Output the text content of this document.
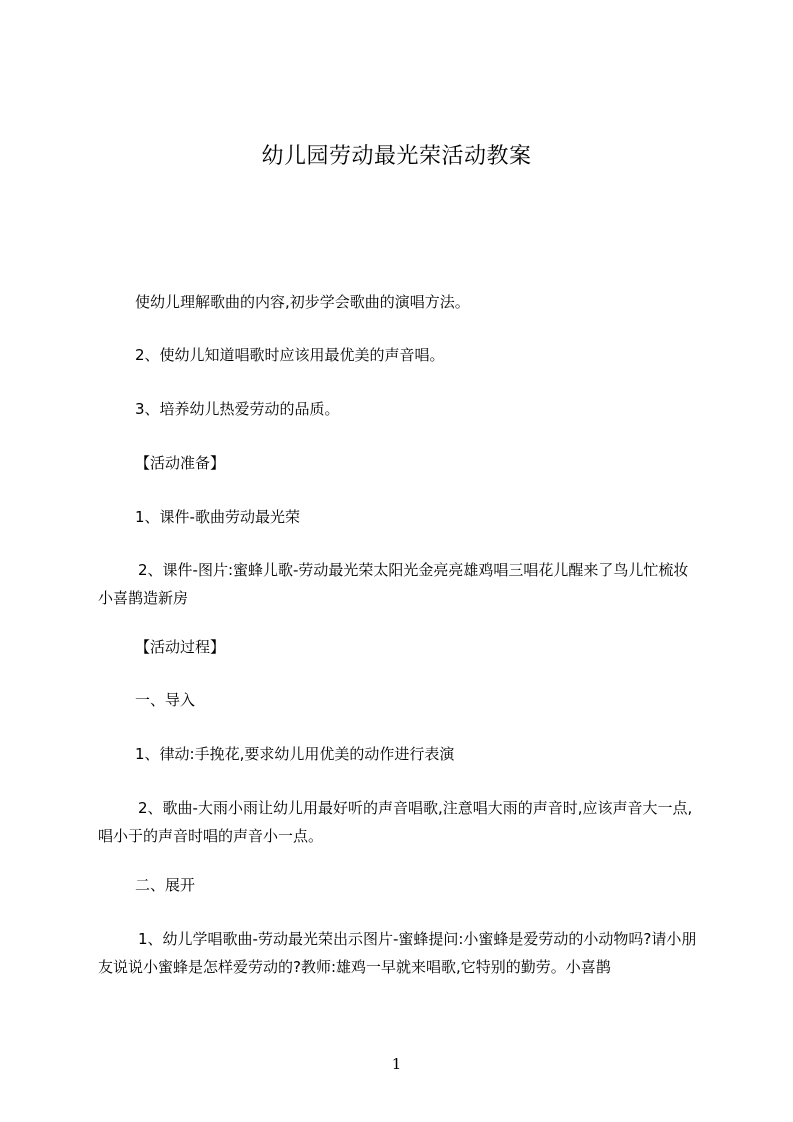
幼儿园劳动最光荣活动教案
使幼儿理解歌曲的内容,初步学会歌曲的演唱方法。
2、使幼儿知道唱歌时应该用最优美的声音唱。
3、培养幼儿热爱劳动的品质。
【活动准备】
1、课件-歌曲劳动最光荣
2、课件-图片:蜜蜂儿歌-劳动最光荣太阳光金亮亮雄鸡唱三唱花儿醒来了鸟儿忙梳妆小喜鹊造新房
【活动过程】
一、导入
1、律动:手挽花,要求幼儿用优美的动作进行表演
2、歌曲-大雨小雨让幼儿用最好听的声音唱歌,注意唱大雨的声音时,应该声音大一点,唱小于的声音时唱的声音小一点。
二、展开
1、幼儿学唱歌曲-劳动最光荣出示图片-蜜蜂提问:小蜜蜂是爱劳动的小动物吗?请小朋友说说小蜜蜂是怎样爱劳动的?教师:雄鸡一早就来唱歌,它特别的勤劳。小喜鹊
1
